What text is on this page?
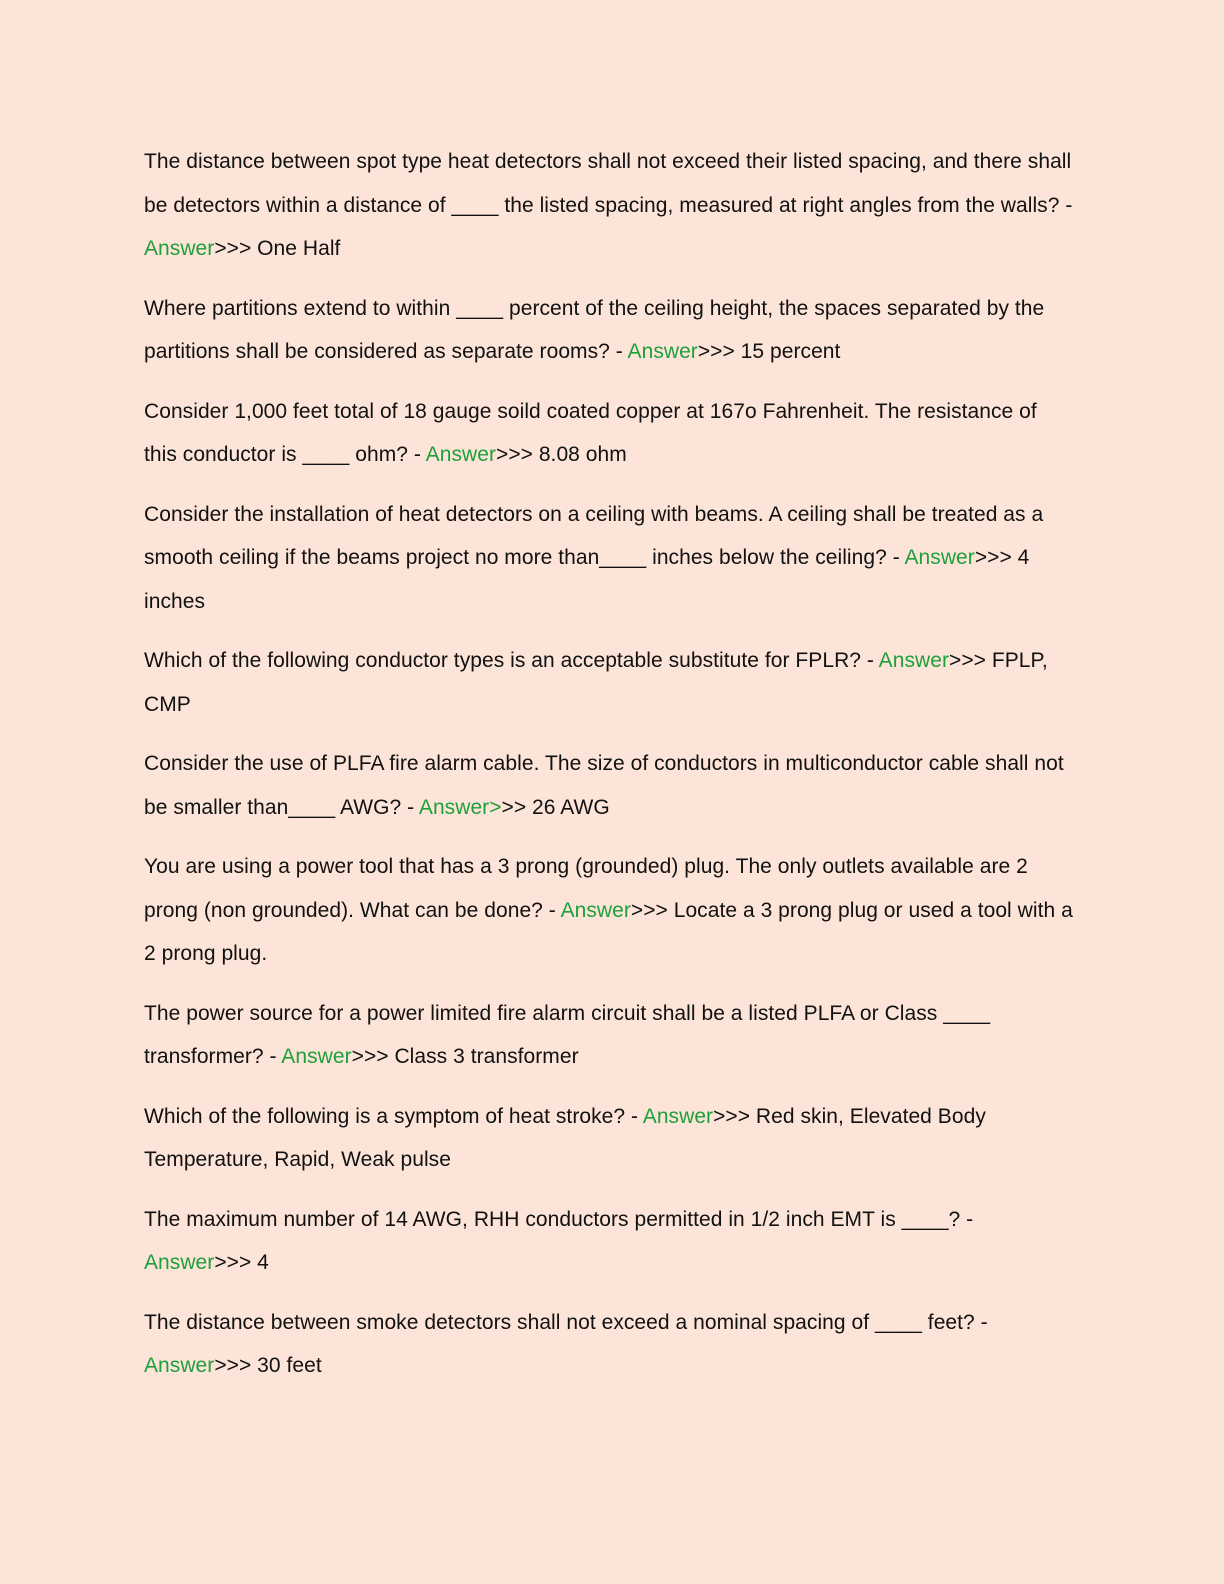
The distance between spot type heat detectors shall not exceed their listed spacing, and there shall be detectors within a distance of ____ the listed spacing, measured at right angles from the walls? - Answer>>> One Half

Where partitions extend to within ____ percent of the ceiling height, the spaces separated by the partitions shall be considered as separate rooms? - Answer>>> 15 percent

Consider 1,000 feet total of 18 gauge soild coated copper at 167o Fahrenheit. The resistance of this conductor is ____ ohm? - Answer>>> 8.08 ohm

Consider the installation of heat detectors on a ceiling with beams. A ceiling shall be treated as a smooth ceiling if the beams project no more than____ inches below the ceiling? - Answer>>> 4 inches

Which of the following conductor types is an acceptable substitute for FPLR? - Answer>>> FPLP, CMP

Consider the use of PLFA fire alarm cable. The size of conductors in multiconductor cable shall not be smaller than____ AWG? - Answer>>> 26 AWG

You are using a power tool that has a 3 prong (grounded) plug. The only outlets available are 2 prong (non grounded). What can be done? - Answer>>> Locate a 3 prong plug or used a tool with a 2 prong plug.

The power source for a power limited fire alarm circuit shall be a listed PLFA or Class ____ transformer? - Answer>>> Class 3 transformer

Which of the following is a symptom of heat stroke? - Answer>>> Red skin, Elevated Body Temperature, Rapid, Weak pulse

The maximum number of 14 AWG, RHH conductors permitted in 1/2 inch EMT is ____? - Answer>>> 4

The distance between smoke detectors shall not exceed a nominal spacing of ____ feet? - Answer>>> 30 feet
